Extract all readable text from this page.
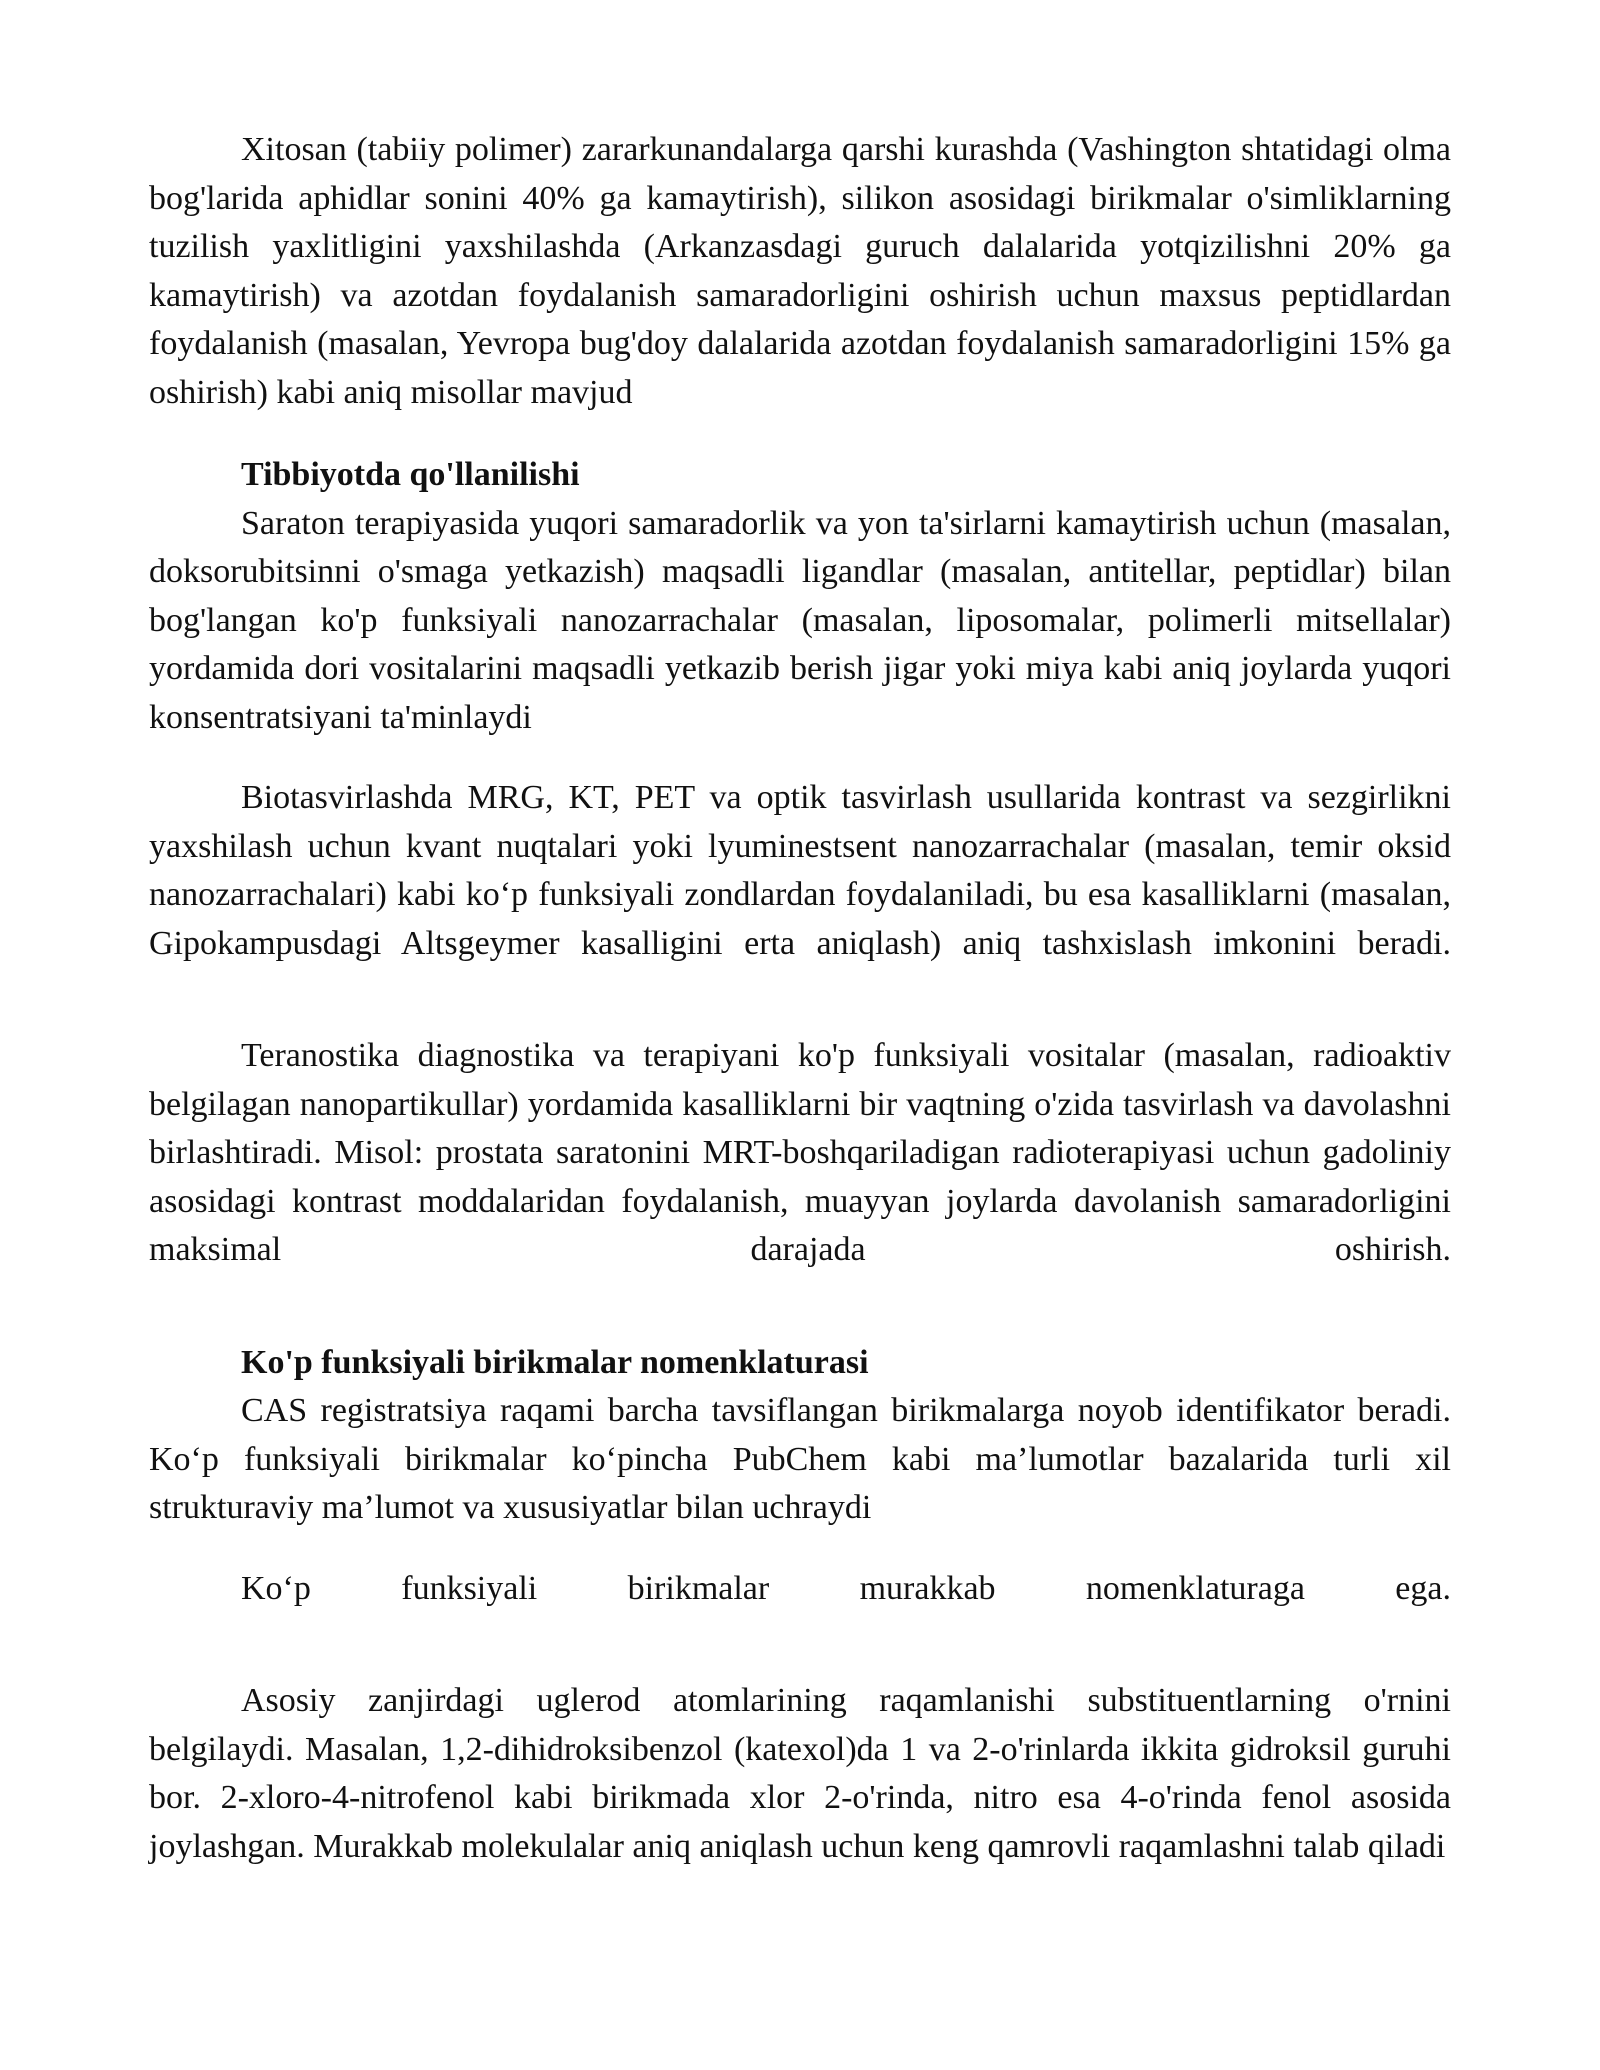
Xitosan (tabiiy polimer) zararkunandalarga qarshi kurashda (Vashington shtatidagi olma bog'larida aphidlar sonini 40% ga kamaytirish), silikon asosidagi birikmalar o'simliklarning tuzilish yaxlitligini yaxshilashda (Arkanzasdagi guruch dalalarida yotqizilishni 20% ga kamaytirish) va azotdan foydalanish samaradorligini oshirish uchun maxsus peptidlardan foydalanish (masalan, Yevropa bug'doy dalalarida azotdan foydalanish samaradorligini 15% ga oshirish) kabi aniq misollar mavjud

Tibbiyotda qo'llanilishi

Saraton terapiyasida yuqori samaradorlik va yon ta'sirlarni kamaytirish uchun (masalan, doksorubitsinni o'smaga yetkazish) maqsadli ligandlar (masalan, antitellar, peptidlar) bilan bog'langan ko'p funksiyali nanozarrachalar (masalan, liposomalar, polimerli mitsellalar) yordamida dori vositalarini maqsadli yetkazib berish jigar yoki miya kabi aniq joylarda yuqori konsentratsiyani ta'minlaydi

Biotasvirlashda MRG, KT, PET va optik tasvirlash usullarida kontrast va sezgirlikni yaxshilash uchun kvant nuqtalari yoki lyuminestsent nanozarrachalar (masalan, temir oksid nanozarrachalari) kabi ko‘p funksiyali zondlardan foydalaniladi, bu esa kasalliklarni (masalan, Gipokampusdagi Altsgeymer kasalligini erta aniqlash) aniq tashxislash imkonini beradi.

Teranostika diagnostika va terapiyani ko'p funksiyali vositalar (masalan, radioaktiv belgilagan nanopartikullar) yordamida kasalliklarni bir vaqtning o'zida tasvirlash va davolashni birlashtiradi. Misol: prostata saratonini MRT-boshqariladigan radioterapiyasi uchun gadoliniy asosidagi kontrast moddalaridan foydalanish, muayyan joylarda davolanish samaradorligini maksimal darajada oshirish.

Ko'p funksiyali birikmalar nomenklaturasi

CAS registratsiya raqami barcha tavsiflangan birikmalarga noyob identifikator beradi. Ko‘p funksiyali birikmalar ko‘pincha PubChem kabi ma’lumotlar bazalarida turli xil strukturaviy ma’lumot va xususiyatlar bilan uchraydi

Ko‘p funksiyali birikmalar murakkab nomenklaturaga ega.

Asosiy zanjirdagi uglerod atomlarining raqamlanishi substituentlarning o'rnini belgilaydi. Masalan, 1,2-dihidroksibenzol (katexol)da 1 va 2-o'rinlarda ikkita gidroksil guruhi bor. 2-xloro-4-nitrofenol kabi birikmada xlor 2-o'rinda, nitro esa 4-o'rinda fenol asosida joylashgan. Murakkab molekulalar aniq aniqlash uchun keng qamrovli raqamlashni talab qiladi
